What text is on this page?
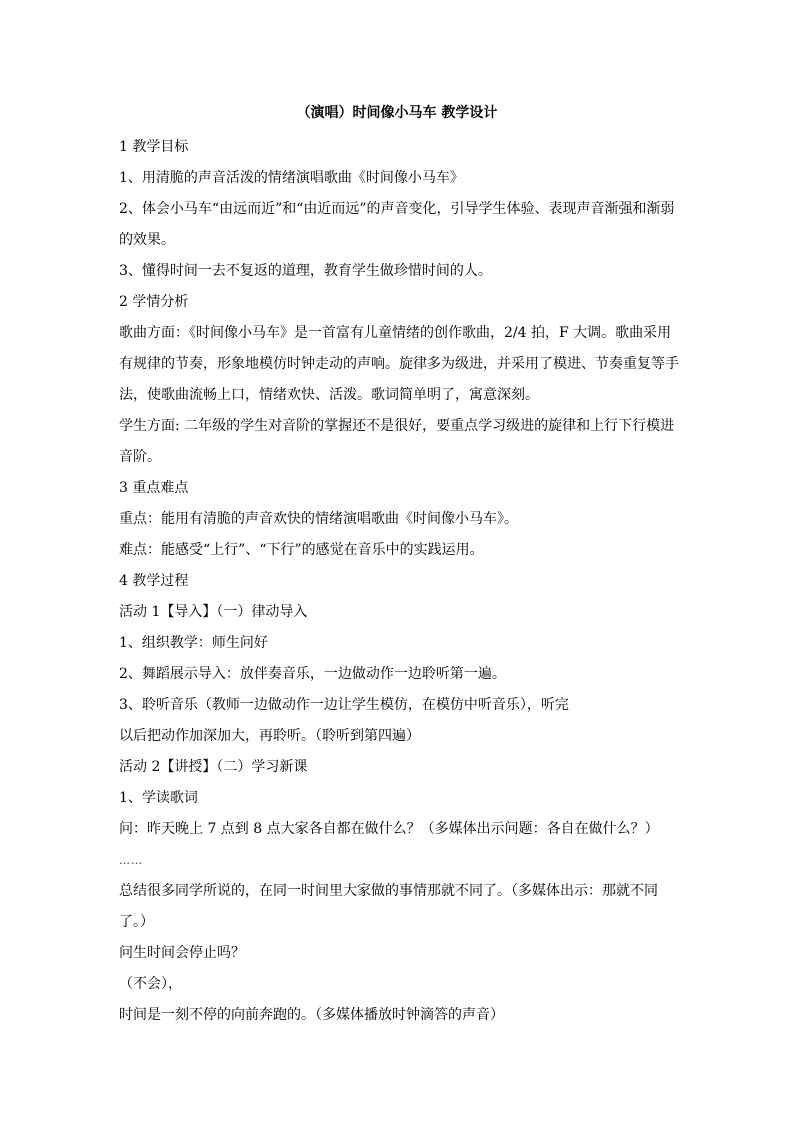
（演唱）时间像小马车 教学设计
1 教学目标
1、用清脆的声音活泼的情绪演唱歌曲《时间像小马车》
2、体会小马车“由远而近”和“由近而远”的声音变化，引导学生体验、表现声音渐强和渐弱
的效果。
3、懂得时间一去不复返的道理，教育学生做珍惜时间的人。
2 学情分析
歌曲方面：《时间像小马车》是一首富有儿童情绪的创作歌曲，2/4 拍，F 大调。歌曲采用
有规律的节奏，形象地模仿时钟走动的声响。旋律多为级进，并采用了模进、节奏重复等手
法，使歌曲流畅上口，情绪欢快、活泼。歌词简单明了，寓意深刻。
学生方面: 二年级的学生对音阶的掌握还不是很好，要重点学习级进的旋律和上行下行模进
音阶。
3 重点难点
重点：能用有清脆的声音欢快的情绪演唱歌曲《时间像小马车》。
难点：能感受“上行”、“下行”的感觉在音乐中的实践运用。
4 教学过程
活动 1【导入】（一）律动导入
1、组织教学：师生问好
2、舞蹈展示导入：放伴奏音乐，一边做动作一边聆听第一遍。
3、聆听音乐（教师一边做动作一边让学生模仿，在模仿中听音乐），听完
以后把动作加深加大，再聆听。（聆听到第四遍）
活动 2【讲授】（二）学习新课
1、学读歌词
问：昨天晚上 7 点到 8 点大家各自都在做什么？（多媒体出示问题：各自在做什么？）
……
总结很多同学所说的，在同一时间里大家做的事情那就不同了。（多媒体出示：那就不同
了。）
问生时间会停止吗？
（不会），
时间是一刻不停的向前奔跑的。（多媒体播放时钟滴答的声音）
